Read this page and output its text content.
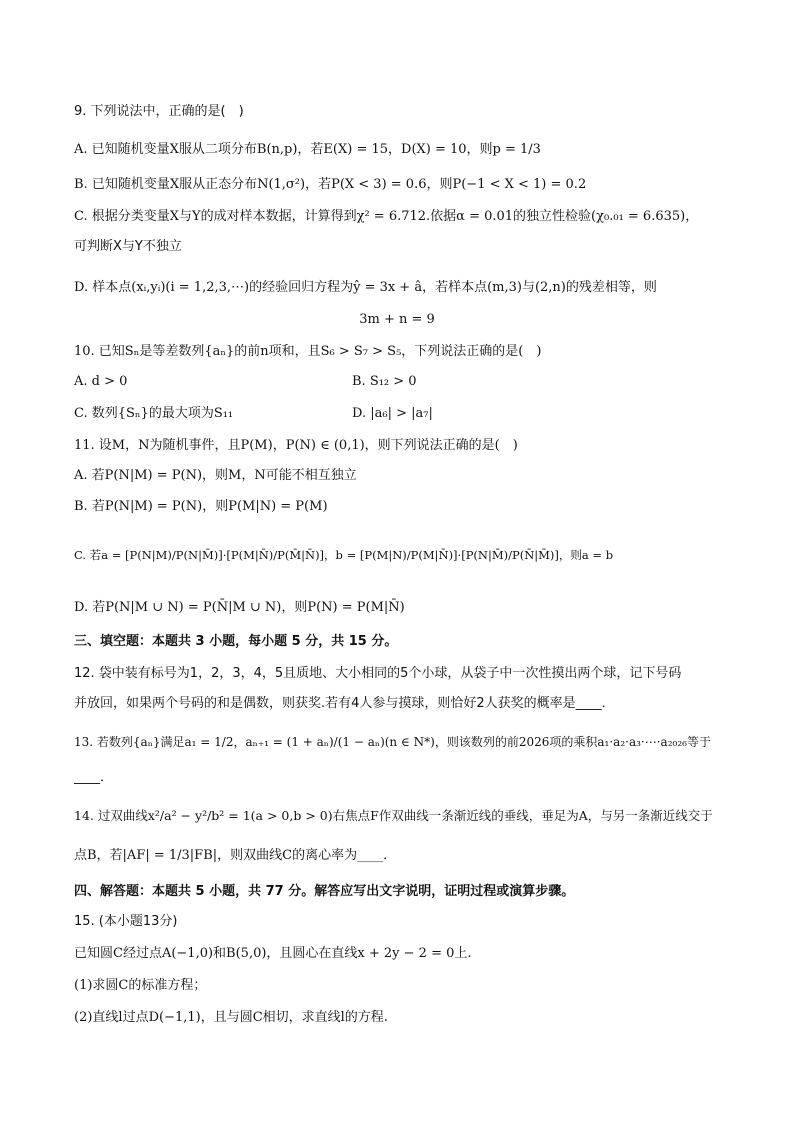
9. 下列说法中，正确的是(　)
A. 已知随机变量X服从二项分布B(n,p)，若E(X) = 15，D(X) = 10，则p = 1/3
B. 已知随机变量X服从正态分布N(1,σ²)，若P(X < 3) = 0.6，则P(−1 < X < 1) = 0.2
C. 根据分类变量X与Y的成对样本数据，计算得到χ² = 6.712.依据α = 0.01的独立性检验(χ₀.₀₁ = 6.635)，
可判断X与Y不独立
D. 样本点(xᵢ,yᵢ)(i = 1,2,3,⋯)的经验回归方程为ŷ = 3x + â，若样本点(m,3)与(2,n)的残差相等，则
3m + n = 9
10. 已知Sₙ是等差数列{aₙ}的前n项和，且S₆ > S₇ > S₅，下列说法正确的是(　)
A. d > 0	B. S₁₂ > 0
C. 数列{Sₙ}的最大项为S₁₁	D. |a₆| > |a₇|
11. 设M，N为随机事件，且P(M)，P(N) ∈ (0,1)，则下列说法正确的是(　)
A. 若P(N|M) = P(N)，则M，N可能不相互独立
B. 若P(N|M) = P(N)，则P(M|N) = P(M)
C. 若a = [P(N|M)/P(N|M̄)]·[P(M|N̄)/P(M̄|N̄)]，b = [P(M|N)/P(M|N̄)]·[P(N|M̄)/P(N̄|M̄)]，则a = b
D. 若P(N|M ∪ N) = P(N̄|M ∪ N)，则P(N) = P(M|N̄)
三、填空题：本题共 3 小题，每小题 5 分，共 15 分。
12. 袋中装有标号为1，2，3，4，5且质地、大小相同的5个小球，从袋子中一次性摸出两个球，记下号码
并放回，如果两个号码的和是偶数，则获奖.若有4人参与摸球，则恰好2人获奖的概率是____．
13. 若数列{aₙ}满足a₁ = 1/2，aₙ₊₁ = (1 + aₙ)/(1 − aₙ)(n ∈ N*)，则该数列的前2026项的乘积a₁·a₂·a₃·⋯·a₂₀₂₆等于
____．
14. 过双曲线x²/a² − y²/b² = 1(a > 0,b > 0)右焦点F作双曲线一条渐近线的垂线，垂足为A，与另一条渐近线交于
点B，若|AF| = 1/3|FB|，则双曲线C的离心率为____．
四、解答题：本题共 5 小题，共 77 分。解答应写出文字说明，证明过程或演算步骤。
15. (本小题13分)
已知圆C经过点A(−1,0)和B(5,0)，且圆心在直线x + 2y − 2 = 0上.
(1)求圆C的标准方程；
(2)直线l过点D(−1,1)，且与圆C相切，求直线l的方程.
